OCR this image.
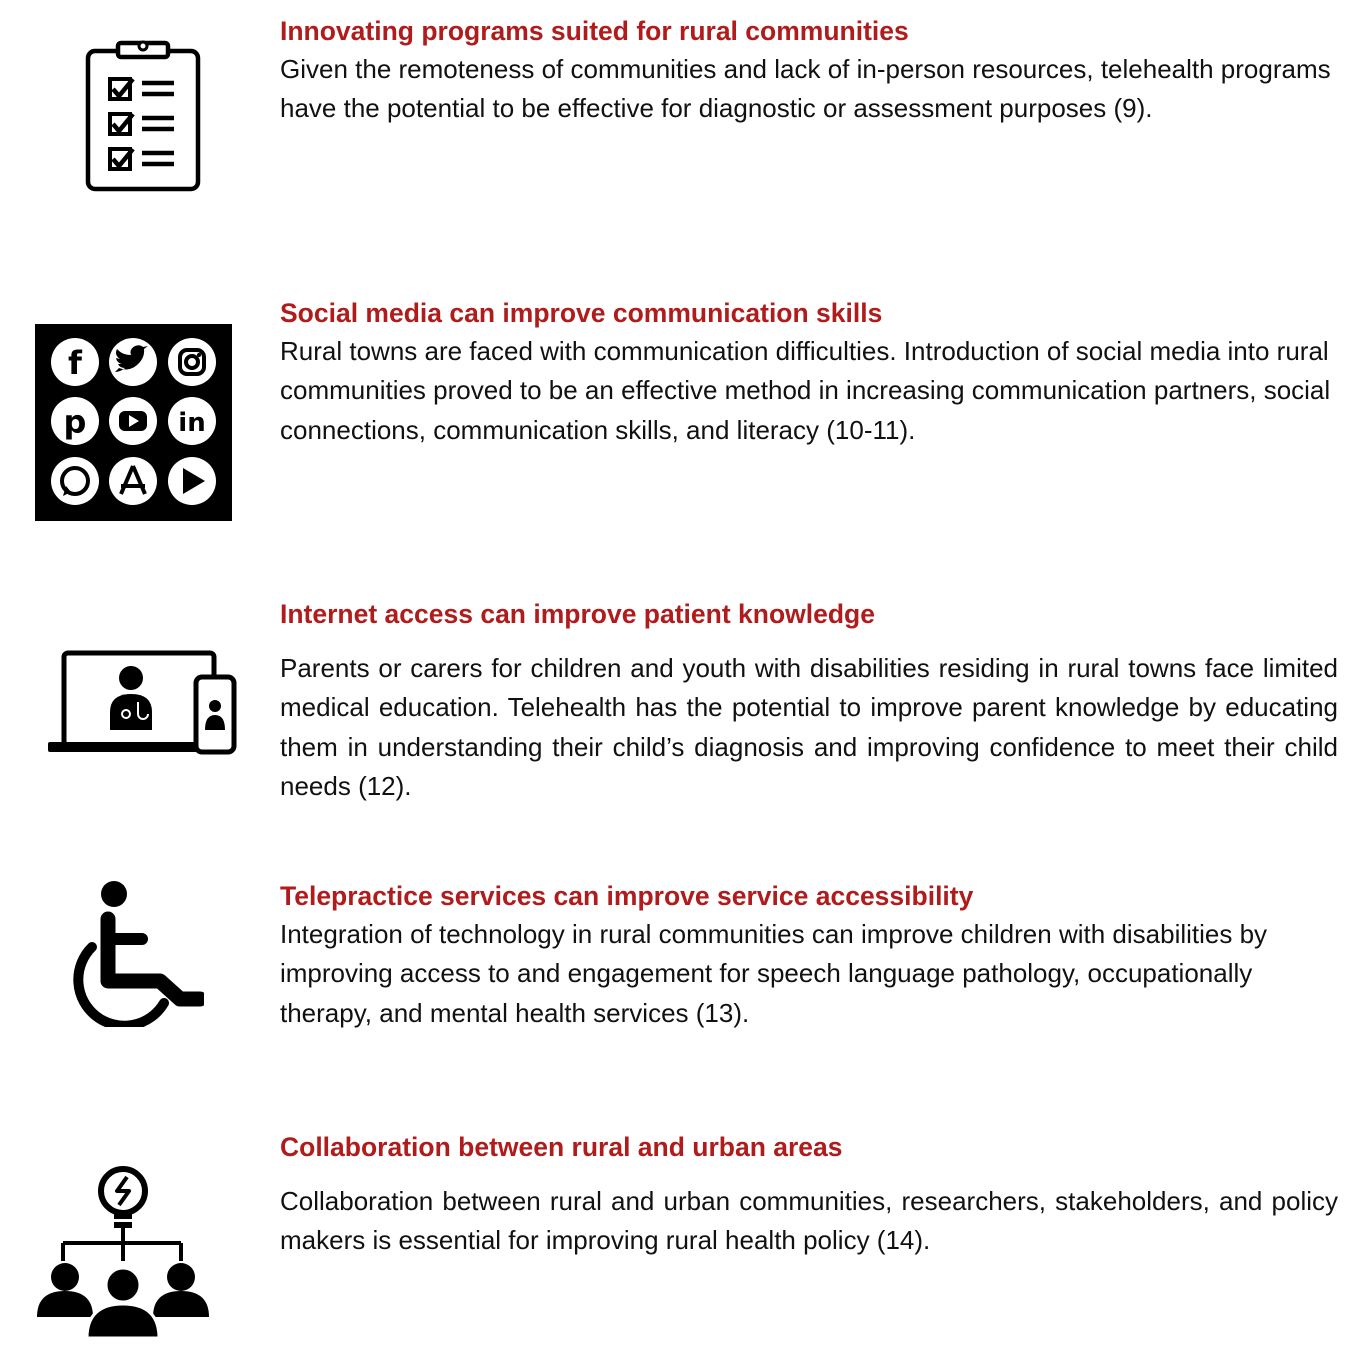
Innovating programs suited for rural communities

Given the remoteness of communities and lack of in-person resources, telehealth programs have the potential to be effective for diagnostic or assessment purposes (9).

f
p	in

Social media can improve communication skills

Rural towns are faced with communication difficulties. Introduction of social media into rural communities proved to be an effective method in increasing communication partners, social connections, communication skills, and literacy (10-11).

Internet access can improve patient knowledge

Parents or carers for children and youth with disabilities residing in rural towns face limited medical education. Telehealth has the potential to improve parent knowledge by educating them in understanding their child’s diagnosis and improving confidence to meet their child needs (12).

Telepractice services can improve service accessibility

Integration of technology in rural communities can improve children with disabilities by improving access to and engagement for speech language pathology, occupationally therapy, and mental health services (13).

Collaboration between rural and urban areas

Collaboration between rural and urban communities, researchers, stakeholders, and policy makers is essential for improving rural health policy (14).
